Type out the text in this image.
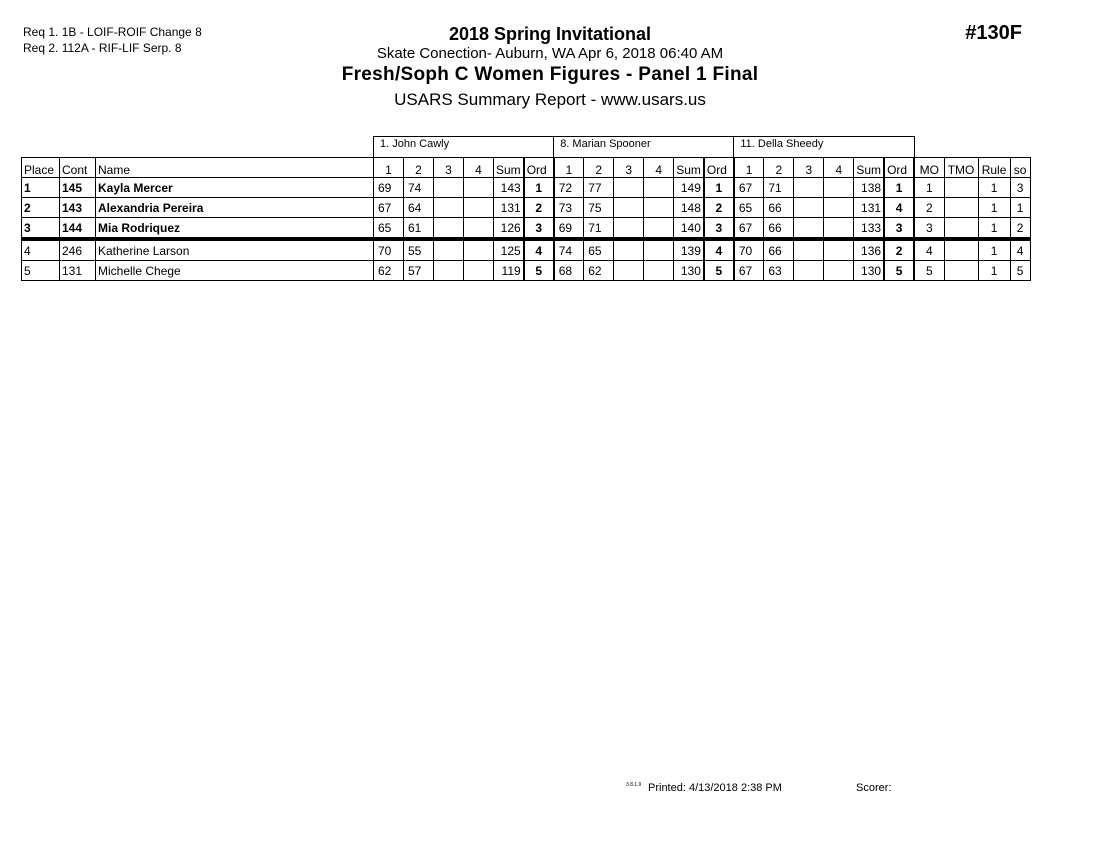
Req 1. 1B - LOIF-ROIF Change 8
Req 2. 112A - RIF-LIF Serp. 8
2018 Spring Invitational
Skate Conection- Auburn, WA Apr 6, 2018 06:40 AM
Fresh/Soph C Women Figures - Panel 1 Final
USARS Summary Report - www.usars.us
#130F
			1. John Cawly						8. Marian Spooner						11. Della Sheedy									
Place	Cont	Name	1	2	3	4	Sum	Ord	1	2	3	4	Sum	Ord	1	2	3	4	Sum	Ord	MO	TMO	Rule	so
1	145	Kayla Mercer	69	74			143	1	72	77			149	1	67	71			138	1	1		1	3
2	143	Alexandria Pereira	67	64			131	2	73	75			148	2	65	66			131	4	2		1	1
3	144	Mia Rodriquez	65	61			126	3	69	71			140	3	67	66			133	3	3		1	2
4	246	Katherine Larson	70	55			125	4	74	65			139	4	70	66			136	2	4		1	4
5	131	Michelle Chege	62	57			119	5	68	62			130	5	67	63			130	5	5		1	5
3.8.1.9 Printed: 4/13/2018 2:38 PM	Scorer:
